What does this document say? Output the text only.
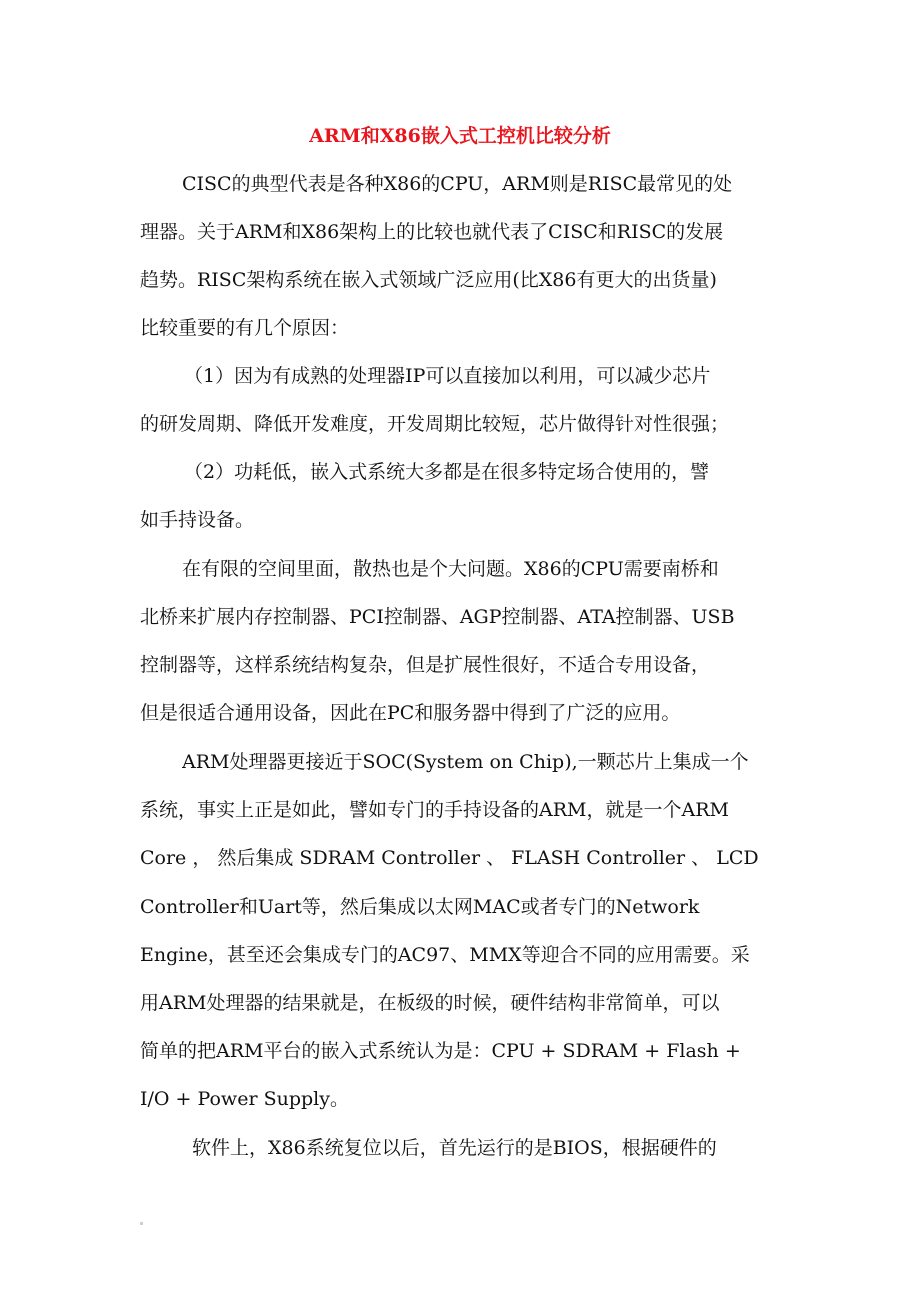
ARM和X86嵌入式工控机比较分析
CISC的典型代表是各种X86的CPU，ARM则是RISC最常见的处
理器。关于ARM和X86架构上的比较也就代表了CISC和RISC的发展
趋势。RISC架构系统在嵌入式领域广泛应用(比X86有更大的出货量)
比较重要的有几个原因：
（1）因为有成熟的处理器IP可以直接加以利用，可以减少芯片
的研发周期、降低开发难度，开发周期比较短，芯片做得针对性很强；
（2）功耗低，嵌入式系统大多都是在很多特定场合使用的，譬
如手持设备。
在有限的空间里面，散热也是个大问题。X86的CPU需要南桥和
北桥来扩展内存控制器、PCI控制器、AGP控制器、ATA控制器、USB
控制器等，这样系统结构复杂，但是扩展性很好，不适合专用设备，
但是很适合通用设备，因此在PC和服务器中得到了广泛的应用。
ARM处理器更接近于SOC(System on Chip),一颗芯片上集成一个
系统，事实上正是如此，譬如专门的手持设备的ARM，就是一个ARM
Core ， 然后集成 SDRAM Controller 、 FLASH Controller 、 LCD
Controller和Uart等，然后集成以太网MAC或者专门的Network
Engine，甚至还会集成专门的AC97、MMX等迎合不同的应用需要。采
用ARM处理器的结果就是，在板级的时候，硬件结构非常简单，可以
简单的把ARM平台的嵌入式系统认为是：CPU + SDRAM + Flash +
I/O + Power Supply。
软件上，X86系统复位以后，首先运行的是BIOS，根据硬件的
